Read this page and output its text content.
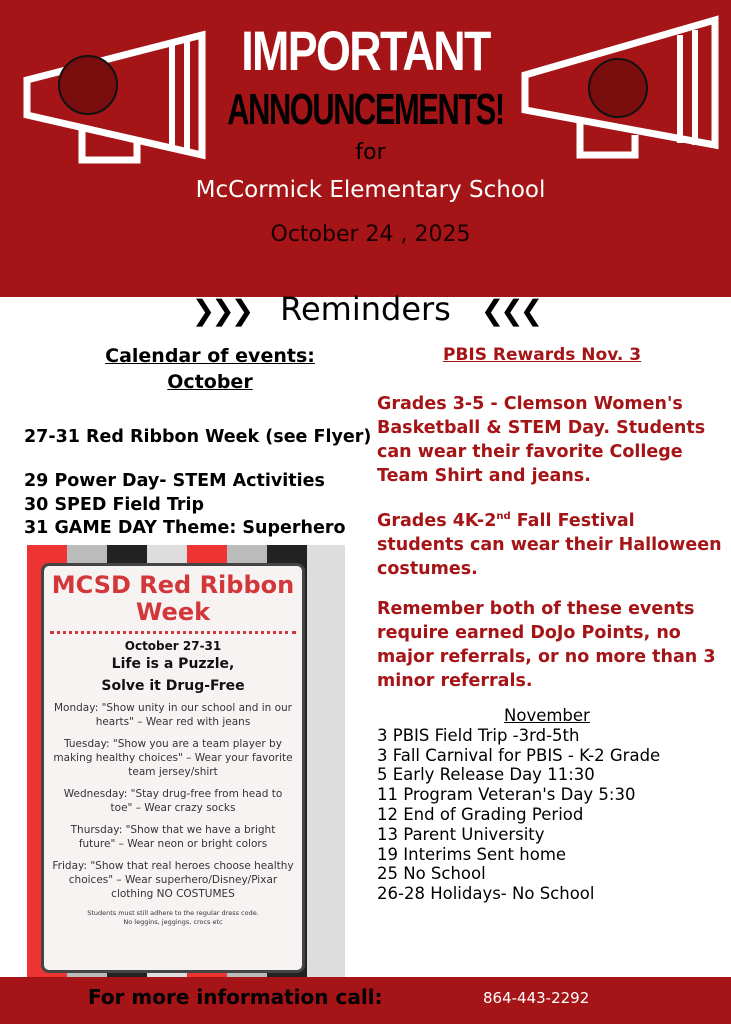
IMPORTANT
ANNOUNCEMENTS!
for
McCormick Elementary School
October 24 , 2025
❯❯❯ Reminders ❮❮❮
Calendar of events:
October
27-31 Red Ribbon Week (see Flyer)
29 Power Day- STEM Activities
30 SPED Field Trip
31 GAME DAY Theme: Superhero
MCSD Red Ribbon Week
October 27-31
Life is a Puzzle,
Solve it Drug-Free

Monday: "Show unity in our school and in our hearts" – Wear red with jeans

Tuesday: "Show you are a team player by making healthy choices" – Wear your favorite team jersey/shirt

Wednesday: "Stay drug-free from head to toe" – Wear crazy socks

Thursday: "Show that we have a bright future" – Wear neon or bright colors

Friday: "Show that real heroes choose healthy choices" – Wear superhero/Disney/Pixar clothing NO COSTUMES

Students must still adhere to the regular dress code.
No leggins, jeggings, crocs etc
PBIS Rewards Nov. 3
Grades 3-5 - Clemson Women's Basketball & STEM Day. Students can wear their favorite College Team Shirt and jeans.
Grades 4K-2nd Fall Festival students can wear their Halloween costumes.
Remember both of these events require earned DoJo Points, no major referrals, or no more than 3 minor referrals.
November
3 PBIS Field Trip -3rd-5th
3 Fall Carnival for PBIS - K-2 Grade
5 Early Release Day 11:30
11 Program Veteran's Day 5:30
12 End of Grading Period
13 Parent University
19 Interims Sent home
25 No School
26-28 Holidays- No School
For more information call:	864-443-2292
